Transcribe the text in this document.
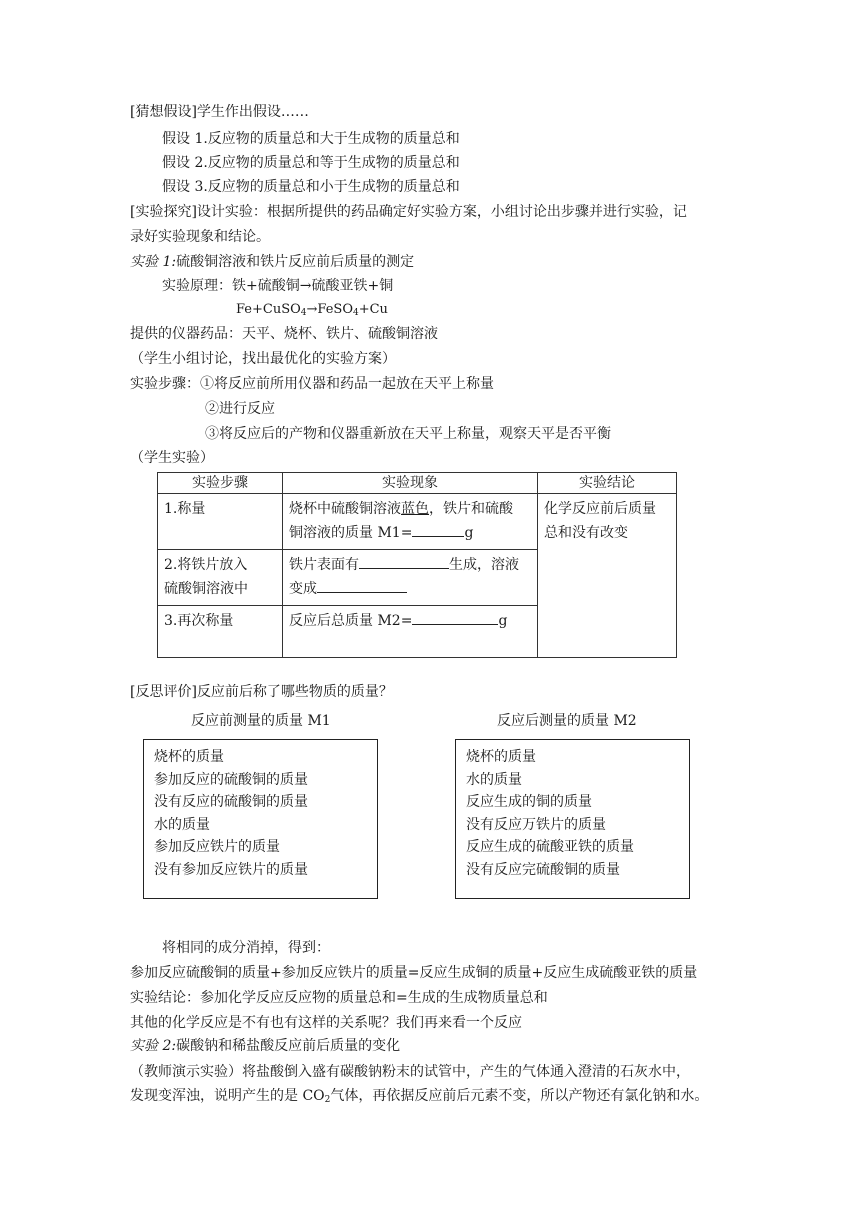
[猜想假设]学生作出假设……
假设 1.反应物的质量总和大于生成物的质量总和
假设 2.反应物的质量总和等于生成物的质量总和
假设 3.反应物的质量总和小于生成物的质量总和
[实验探究]设计实验：根据所提供的药品确定好实验方案，小组讨论出步骤并进行实验，记
录好实验现象和结论。
实验 1:硫酸铜溶液和铁片反应前后质量的测定
实验原理：铁+硫酸铜→硫酸亚铁+铜
Fe+CuSO$_4$→FeSO$_4$+Cu
提供的仪器药品：天平、烧杯、铁片、硫酸铜溶液
（学生小组讨论，找出最优化的实验方案）
实验步骤：①将反应前所用仪器和药品一起放在天平上称量
②进行反应
③将反应后的产物和仪器重新放在天平上称量，观察天平是否平衡
（学生实验）
实验步骤	实验现象	实验结论
1.称量	烧杯中硫酸铜溶液蓝色，铁片和硫酸
铜溶液的质量 M1= g	化学反应前后质量
总和没有改变
2.将铁片放入
硫酸铜溶液中	铁片表面有 生成，溶液
变成	
3.再次称量	反应后总质量 M2= g	
[反思评价]反应前后称了哪些物质的质量？
反应前测量的质量 M1	反应后测量的质量 M2
烧杯的质量
参加反应的硫酸铜的质量
没有反应的硫酸铜的质量
水的质量
参加反应铁片的质量
没有参加反应铁片的质量
烧杯的质量
水的质量
反应生成的铜的质量
没有反应万铁片的质量
反应生成的硫酸亚铁的质量
没有反应完硫酸铜的质量
将相同的成分消掉，得到：
参加反应硫酸铜的质量+参加反应铁片的质量=反应生成铜的质量+反应生成硫酸亚铁的质量
实验结论：参加化学反应反应物的质量总和=生成的生成物质量总和
其他的化学反应是不有也有这样的关系呢？我们再来看一个反应
实验 2:碳酸钠和稀盐酸反应前后质量的变化
（教师演示实验）将盐酸倒入盛有碳酸钠粉末的试管中，产生的气体通入澄清的石灰水中，
发现变浑浊，说明产生的是 $CO_2$气体，再依据反应前后元素不变，所以产物还有氯化钠和水。
